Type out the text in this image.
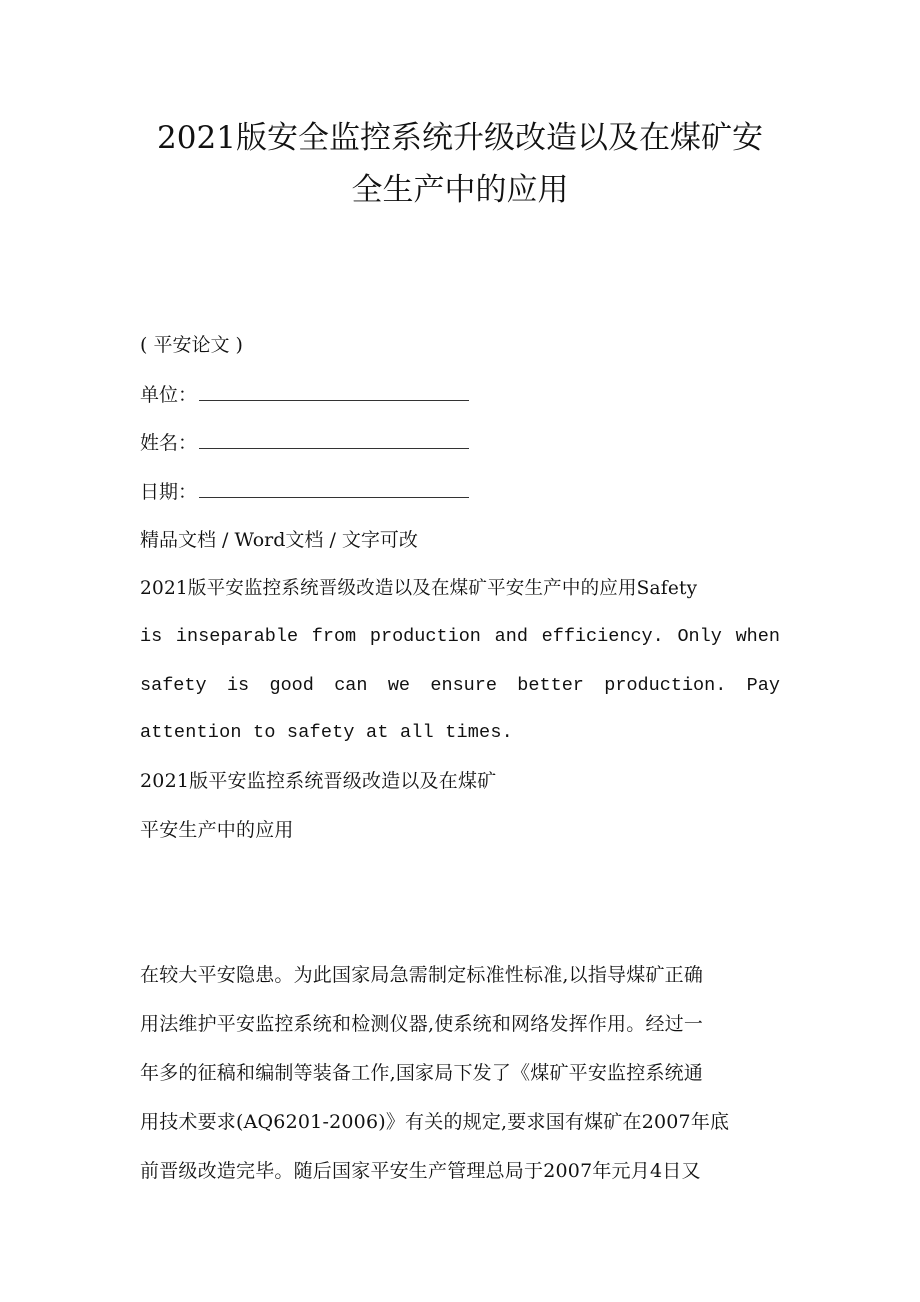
2021版安全监控系统升级改造以及在煤矿安
全生产中的应用
( 平安论文 )
单位：
姓名：
日期：
精品文档 / Word文档 / 文字可改
2021版平安监控系统晋级改造以及在煤矿平安生产中的应用Safety
is inseparable from production and efficiency. Only when
safety is good can we ensure better production. Pay
attention to safety at all times.
2021版平安监控系统晋级改造以及在煤矿
平安生产中的应用
在较大平安隐患。为此国家局急需制定标准性标准,以指导煤矿正确
用法维护平安监控系统和检测仪器,使系统和网络发挥作用。经过一
年多的征稿和编制等装备工作,国家局下发了《煤矿平安监控系统通
用技术要求(AQ6201-2006)》有关的规定,要求国有煤矿在2007年底
前晋级改造完毕。随后国家平安生产管理总局于2007年元月4日又
